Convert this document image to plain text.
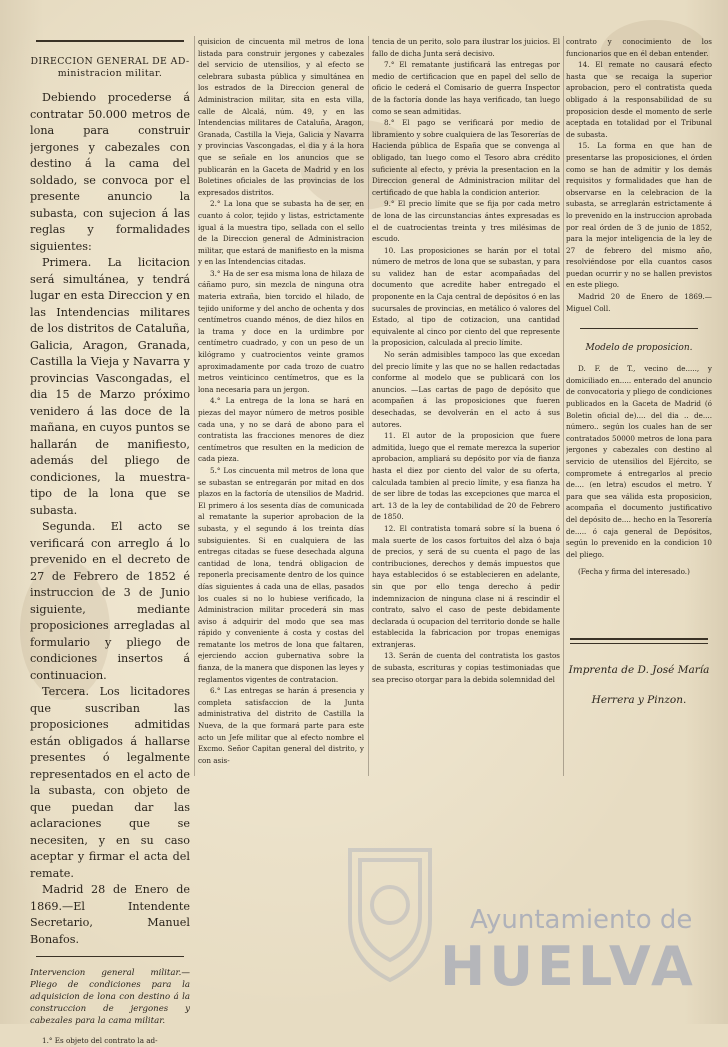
DIRECCION GENERAL DE AD-
ministracion militar.

Debiendo procederse á contratar 50.000 metros de lona para construir jergones y cabezales con destino á la cama del soldado, se convoca por el presente anuncio la subasta, con sujecion á las reglas y formalidades siguientes:

Primera. La licitacion será simultánea, y tendrá lugar en esta Direccion y en las Intendencias militares de los distritos de Cataluña, Galicia, Aragon, Granada, Castilla la Vieja y Navarra y provincias Vascongadas, el dia 15 de Marzo próximo venidero á las doce de la mañana, en cuyos puntos se hallarán de manifiesto, además del pliego de condiciones, la muestra-tipo de la lona que se subasta.

Segunda. El acto se verificará con arreglo á lo prevenido en el decreto de 27 de Febrero de 1852 é instruccion de 3 de Junio siguiente, mediante proposiciones arregladas al formulario y pliego de condiciones insertos á continuacion.

Tercera. Los licitadores que suscriban las proposiciones admitidas están obligados á hallarse presentes ó legalmente representados en el acto de la subasta, con objeto de que puedan dar las aclaraciones que se necesiten, y en su caso aceptar y firmar el acta del remate.

Madrid 28 de Enero de 1869.—El Intendente Secretario, Manuel Bonafos.

Intervencion general militar.— Pliego de condiciones para la adquisicion de lona con destino á la construccion de jergones y cabezales para la cama militar.

1.° Es objeto del contrato la ad-

quisicion de cincuenta mil metros de lona listada para construir jergones y cabezales del servicio de utensilios, y al efecto se celebrara subasta pública y simultánea en los estrados de la Direccion general de Administracion militar, sita en esta villa, calle de Alcalá, núm. 49, y en las Intendencias militares de Cataluña, Aragon, Granada, Castilla la Vieja, Galicia y Navarra y provincias Vascongadas, el dia y á la hora que se señale en los anuncios que se publicarán en la Gaceta de Madrid y en los Boletines oficiales de las provincias de los expresados distritos.

2.° La lona que se subasta ha de ser, en cuanto á color, tejido y listas, estrictamente igual á la muestra tipo, sellada con el sello de la Direccion general de Administracion militar, que estará de manifiesto en la misma y en las Intendencias citadas.

3.° Ha de ser esa misma lona de hilaza de cáñamo puro, sin mezcla de ninguna otra materia extraña, bien torcido el hilado, de tejido uniforme y del ancho de ochenta y dos centímetros cuando ménos, de diez hilos en la trama y doce en la urdimbre por centímetro cuadrado, y con un peso de un kilógramo y cuatrocientos veinte gramos aproximadamente por cada trozo de cuatro metros veinticinco centímetros, que es la lona necesaria para un jergon.

4.° La entrega de la lona se hará en piezas del mayor número de metros posible cada una, y no se dará de abono para el contratista las fracciones menores de diez centímetros que resulten en la medicion de cada pieza.

5.° Los cincuenta mil metros de lona que se subastan se entregarán por mitad en dos plazos en la factoría de utensilios de Madrid. El primero á los sesenta días de comunicada al rematante la superior aprobacion de la subasta, y el segundo á los treinta días subsiguientes. Si en cualquiera de las entregas citadas se fuese desechada alguna cantidad de lona, tendrá obligacion de reponerla precisamente dentro de los quince días siguientes á cada una de ellas, pasados los cuales si no lo hubiese verificado, la Administracion militar procederá sin mas aviso á adquirir del modo que sea mas rápido y conveniente á costa y costas del rematante los metros de lona que faltaren, ejerciendo accion gubernativa sobre la fianza, de la manera que disponen las leyes y reglamentos vigentes de contratacion.

6.° Las entregas se harán á presencia y completa satisfaccion de la Junta administrativa del distrito de Castilla la Nueva, de la que formará parte para este acto un Jefe militar que al efecto nombre el Excmo. Señor Capitan general del distrito, y con asis-

tencia de un perito, solo para ilustrar los juicios. El fallo de dicha Junta será decisivo.

7.° El rematante justificará las entregas por medio de certificacion que en papel del sello de oficio le cederá el Comisario de guerra Inspector de la factoría donde las haya verificado, tan luego como se sean admitidas.

8.° El pago se verificará por medio de libramiento y sobre cualquiera de las Tesorerías de Hacienda pública de España que se convenga al obligado, tan luego como el Tesoro abra crédito suficiente al efecto, y prévia la presentacion en la Direccion general de Administracion militar del certificado de que habla la condicion anterior.

9.° El precio límite que se fija por cada metro de lona de las circunstancias ántes expresadas es el de cuatrocientas treinta y tres milésimas de escudo.

10. Las proposiciones se harán por el total número de metros de lona que se subastan, y para su validez han de estar acompañadas del documento que acredite haber entregado el proponente en la Caja central de depósitos ó en las sucursales de provincias, en metálico ó valores del Estado, al tipo de cotizacion, una cantidad equivalente al cinco por ciento del que represente la proposicion, calculada al precio límite.

No serán admisibles tampoco las que excedan del precio límite y las que no se hallen redactadas conforme al modelo que se publicará con los anuncios. —Las cartas de pago de depósito que acompañen á las proposiciones que fueren desechadas, se devolverán en el acto á sus autores.

11. El autor de la proposicion que fuere admitida, luego que el remate merezca la superior aprobacion, ampliará su depósito por vía de fianza hasta el diez por ciento del valor de su oferta, calculada tambien al precio límite, y esa fianza ha de ser libre de todas las excepciones que marca el art. 13 de la ley de contabilidad de 20 de Febrero de 1850.

12. El contratista tomará sobre sí la buena ó mala suerte de los casos fortuitos del alza ó baja de precios, y será de su cuenta el pago de las contribuciones, derechos y demás impuestos que haya establecidos ó se establecieren en adelante, sin que por ello tenga derecho á pedir indemnizacion de ninguna clase ni á rescindir el contrato, salvo el caso de peste debidamente declarada ú ocupacion del territorio donde se halle establecida la fabricacion por tropas enemigas extranjeras.

13. Serán de cuenta del contratista los gastos de subasta, escrituras y copias testimoniadas que sea preciso otorgar para la debida solemnidad del

contrato y conocimiento de los funcionarios que en él deban entender.

14. El remate no causará efecto hasta que se recaiga la superior aprobacion, pero el contratista queda obligado á la responsabilidad de su proposicion desde el momento de serle aceptada en totalidad por el Tribunal de subasta.

15. La forma en que han de presentarse las proposiciones, el órden como se han de admitir y los demás requisitos y formalidades que han de observarse en la celebracion de la subasta, se arreglarán estrictamente á lo prevenido en la instruccion aprobada por real órden de 3 de junio de 1852, para la mejor inteligencia de la ley de 27 de febrero del mismo año, resolviéndose por ella cuantos casos puedan ocurrir y no se hallen previstos en este pliego.

Madrid 20 de Enero de 1869.—Miguel Coll.

Modelo de proposicion.

D. F. de T., vecino de....., y domiciliado en..... enterado del anuncio de convocatoria y pliego de condiciones publicados en la Gaceta de Madrid (ó Boletin oficial de).... del dia .. de.... número.. según los cuales han de ser contratados 50000 metros de lona para jergones y cabezales con destino al servicio de utensilios del Ejército, se compromete á entregarlos al precio de.... (en letra) escudos el metro. Y para que sea válida esta proposicion, acompaña el documento justificativo del depósito de.... hecho en la Tesorería de..... ó caja general de Depósitos, según lo prevenido en la condicion 10 del pliego.

(Fecha y firma del interesado.)

Imprenta de D. José María
Herrera y Pinzon.
Ayuntamiento de
HUELVA
